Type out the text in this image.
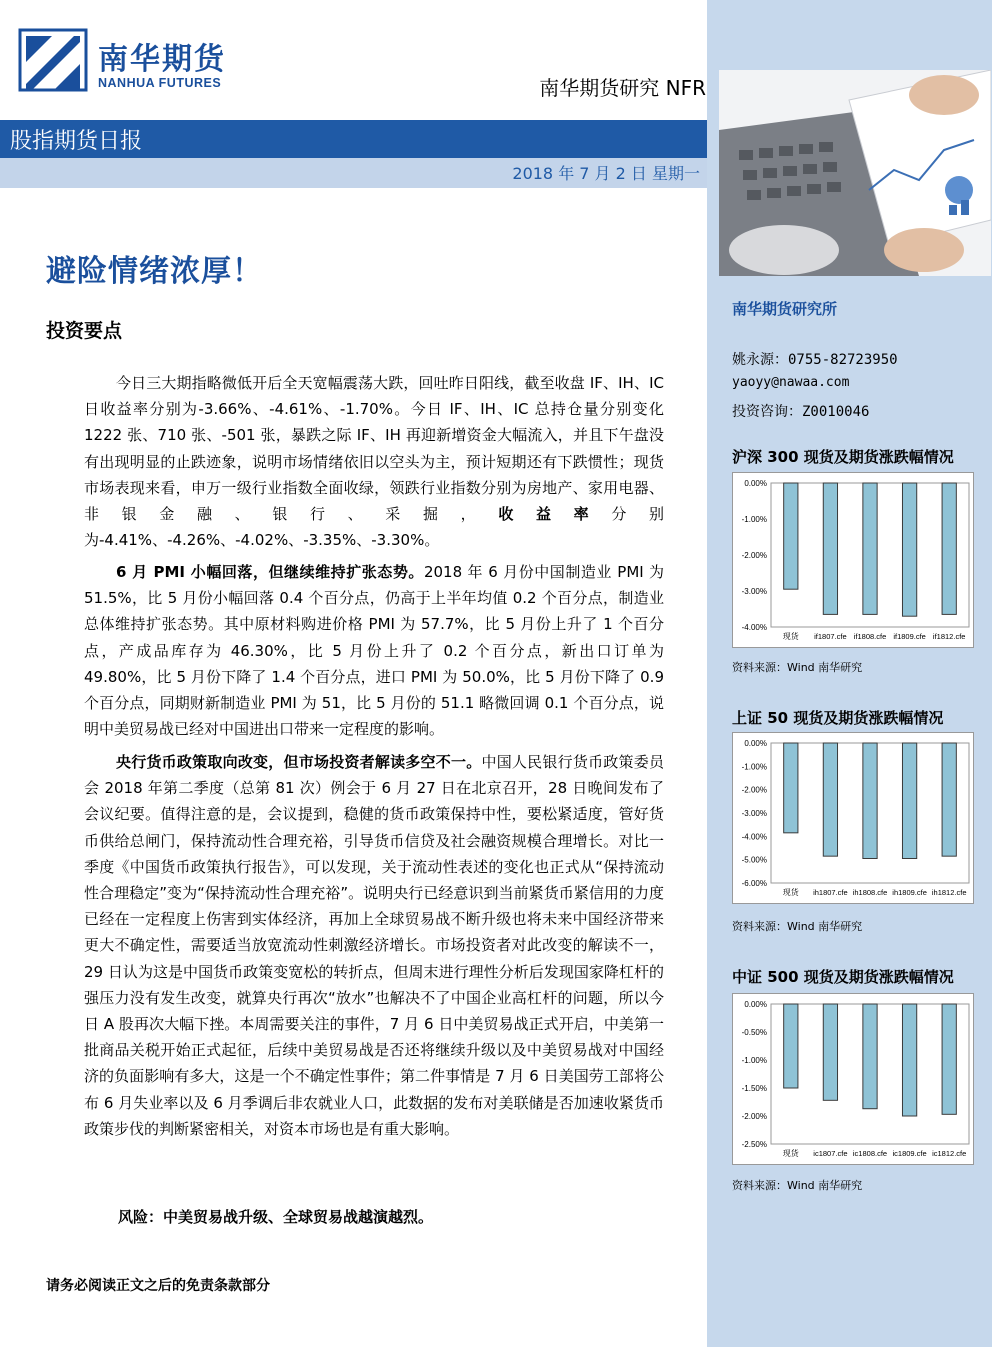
南华期货
NANHUA FUTURES	南华期货研究 NFR
股指期货日报
2018 年 7 月 2 日 星期一
南华期货研究所
姚永源：0755-82723950
yaoyy@nawaa.com
投资咨询：Z0010046
沪深 300 现货及期货涨跌幅情况
0.00%
-1.00%
-2.00%
-3.00%
-4.00%
现货 if1807.cfe if1808.cfe if1809.cfe if1812.cfe
资料来源：Wind 南华研究
上证 50 现货及期货涨跌幅情况
0.00%
-1.00%
-2.00%
-3.00%
-4.00%
-5.00%
-6.00%
现货 ih1807.cfe ih1808.cfe ih1809.cfe ih1812.cfe
资料来源：Wind 南华研究
中证 500 现货及期货涨跌幅情况
0.00%
-0.50%
-1.00%
-1.50%
-2.00%
-2.50%
现货 ic1807.cfe ic1808.cfe ic1809.cfe ic1812.cfe
资料来源：Wind 南华研究
避险情绪浓厚！
投资要点
今日三大期指略微低开后全天宽幅震荡大跌，回吐昨日阳线，截至收盘 IF、IH、IC 日收益率分别为-3.66%、-4.61%、-1.70%。今日 IF、IH、IC 总持仓量分别变化 1222 张、710 张、-501 张，暴跌之际 IF、IH 再迎新增资金大幅流入，并且下午盘没有出现明显的止跌迹象，说明市场情绪依旧以空头为主，预计短期还有下跌惯性；现货市场表现来看，申万一级行业指数全面收绿，领跌行业指数分别为房地产、家用电器、非银金融、银行、采掘，收益率分别为-4.41%、-4.26%、-4.02%、-3.35%、-3.30%。
6 月 PMI 小幅回落，但继续维持扩张态势。2018 年 6 月份中国制造业 PMI 为 51.5%，比 5 月份小幅回落 0.4 个百分点，仍高于上半年均值 0.2 个百分点，制造业总体维持扩张态势。其中原材料购进价格 PMI 为 57.7%，比 5 月份上升了 1 个百分点，产成品库存为 46.30%，比 5 月份上升了 0.2 个百分点，新出口订单为 49.80%，比 5 月份下降了 1.4 个百分点，进口 PMI 为 50.0%，比 5 月份下降了 0.9 个百分点，同期财新制造业 PMI 为 51，比 5 月份的 51.1 略微回调 0.1 个百分点，说明中美贸易战已经对中国进出口带来一定程度的影响。
央行货币政策取向改变，但市场投资者解读多空不一。中国人民银行货币政策委员会 2018 年第二季度（总第 81 次）例会于 6 月 27 日在北京召开，28 日晚间发布了会议纪要。值得注意的是，会议提到，稳健的货币政策保持中性，要松紧适度，管好货币供给总闸门，保持流动性合理充裕，引导货币信贷及社会融资规模合理增长。对比一季度《中国货币政策执行报告》，可以发现，关于流动性表述的变化也正式从“保持流动性合理稳定”变为“保持流动性合理充裕”。说明央行已经意识到当前紧货币紧信用的力度已经在一定程度上伤害到实体经济，再加上全球贸易战不断升级也将未来中国经济带来更大不确定性，需要适当放宽流动性刺激经济增长。市场投资者对此改变的解读不一，29 日认为这是中国货币政策变宽松的转折点，但周末进行理性分析后发现国家降杠杆的强压力没有发生改变，就算央行再次“放水”也解决不了中国企业高杠杆的问题，所以今日 A 股再次大幅下挫。本周需要关注的事件，7 月 6 日中美贸易战正式开启，中美第一批商品关税开始正式起征，后续中美贸易战是否还将继续升级以及中美贸易战对中国经济的负面影响有多大，这是一个不确定性事件；第二件事情是 7 月 6 日美国劳工部将公布 6 月失业率以及 6 月季调后非农就业人口，此数据的发布对美联储是否加速收紧货币政策步伐的判断紧密相关，对资本市场也是有重大影响。
风险：中美贸易战升级、全球贸易战越演越烈。
请务必阅读正文之后的免责条款部分
